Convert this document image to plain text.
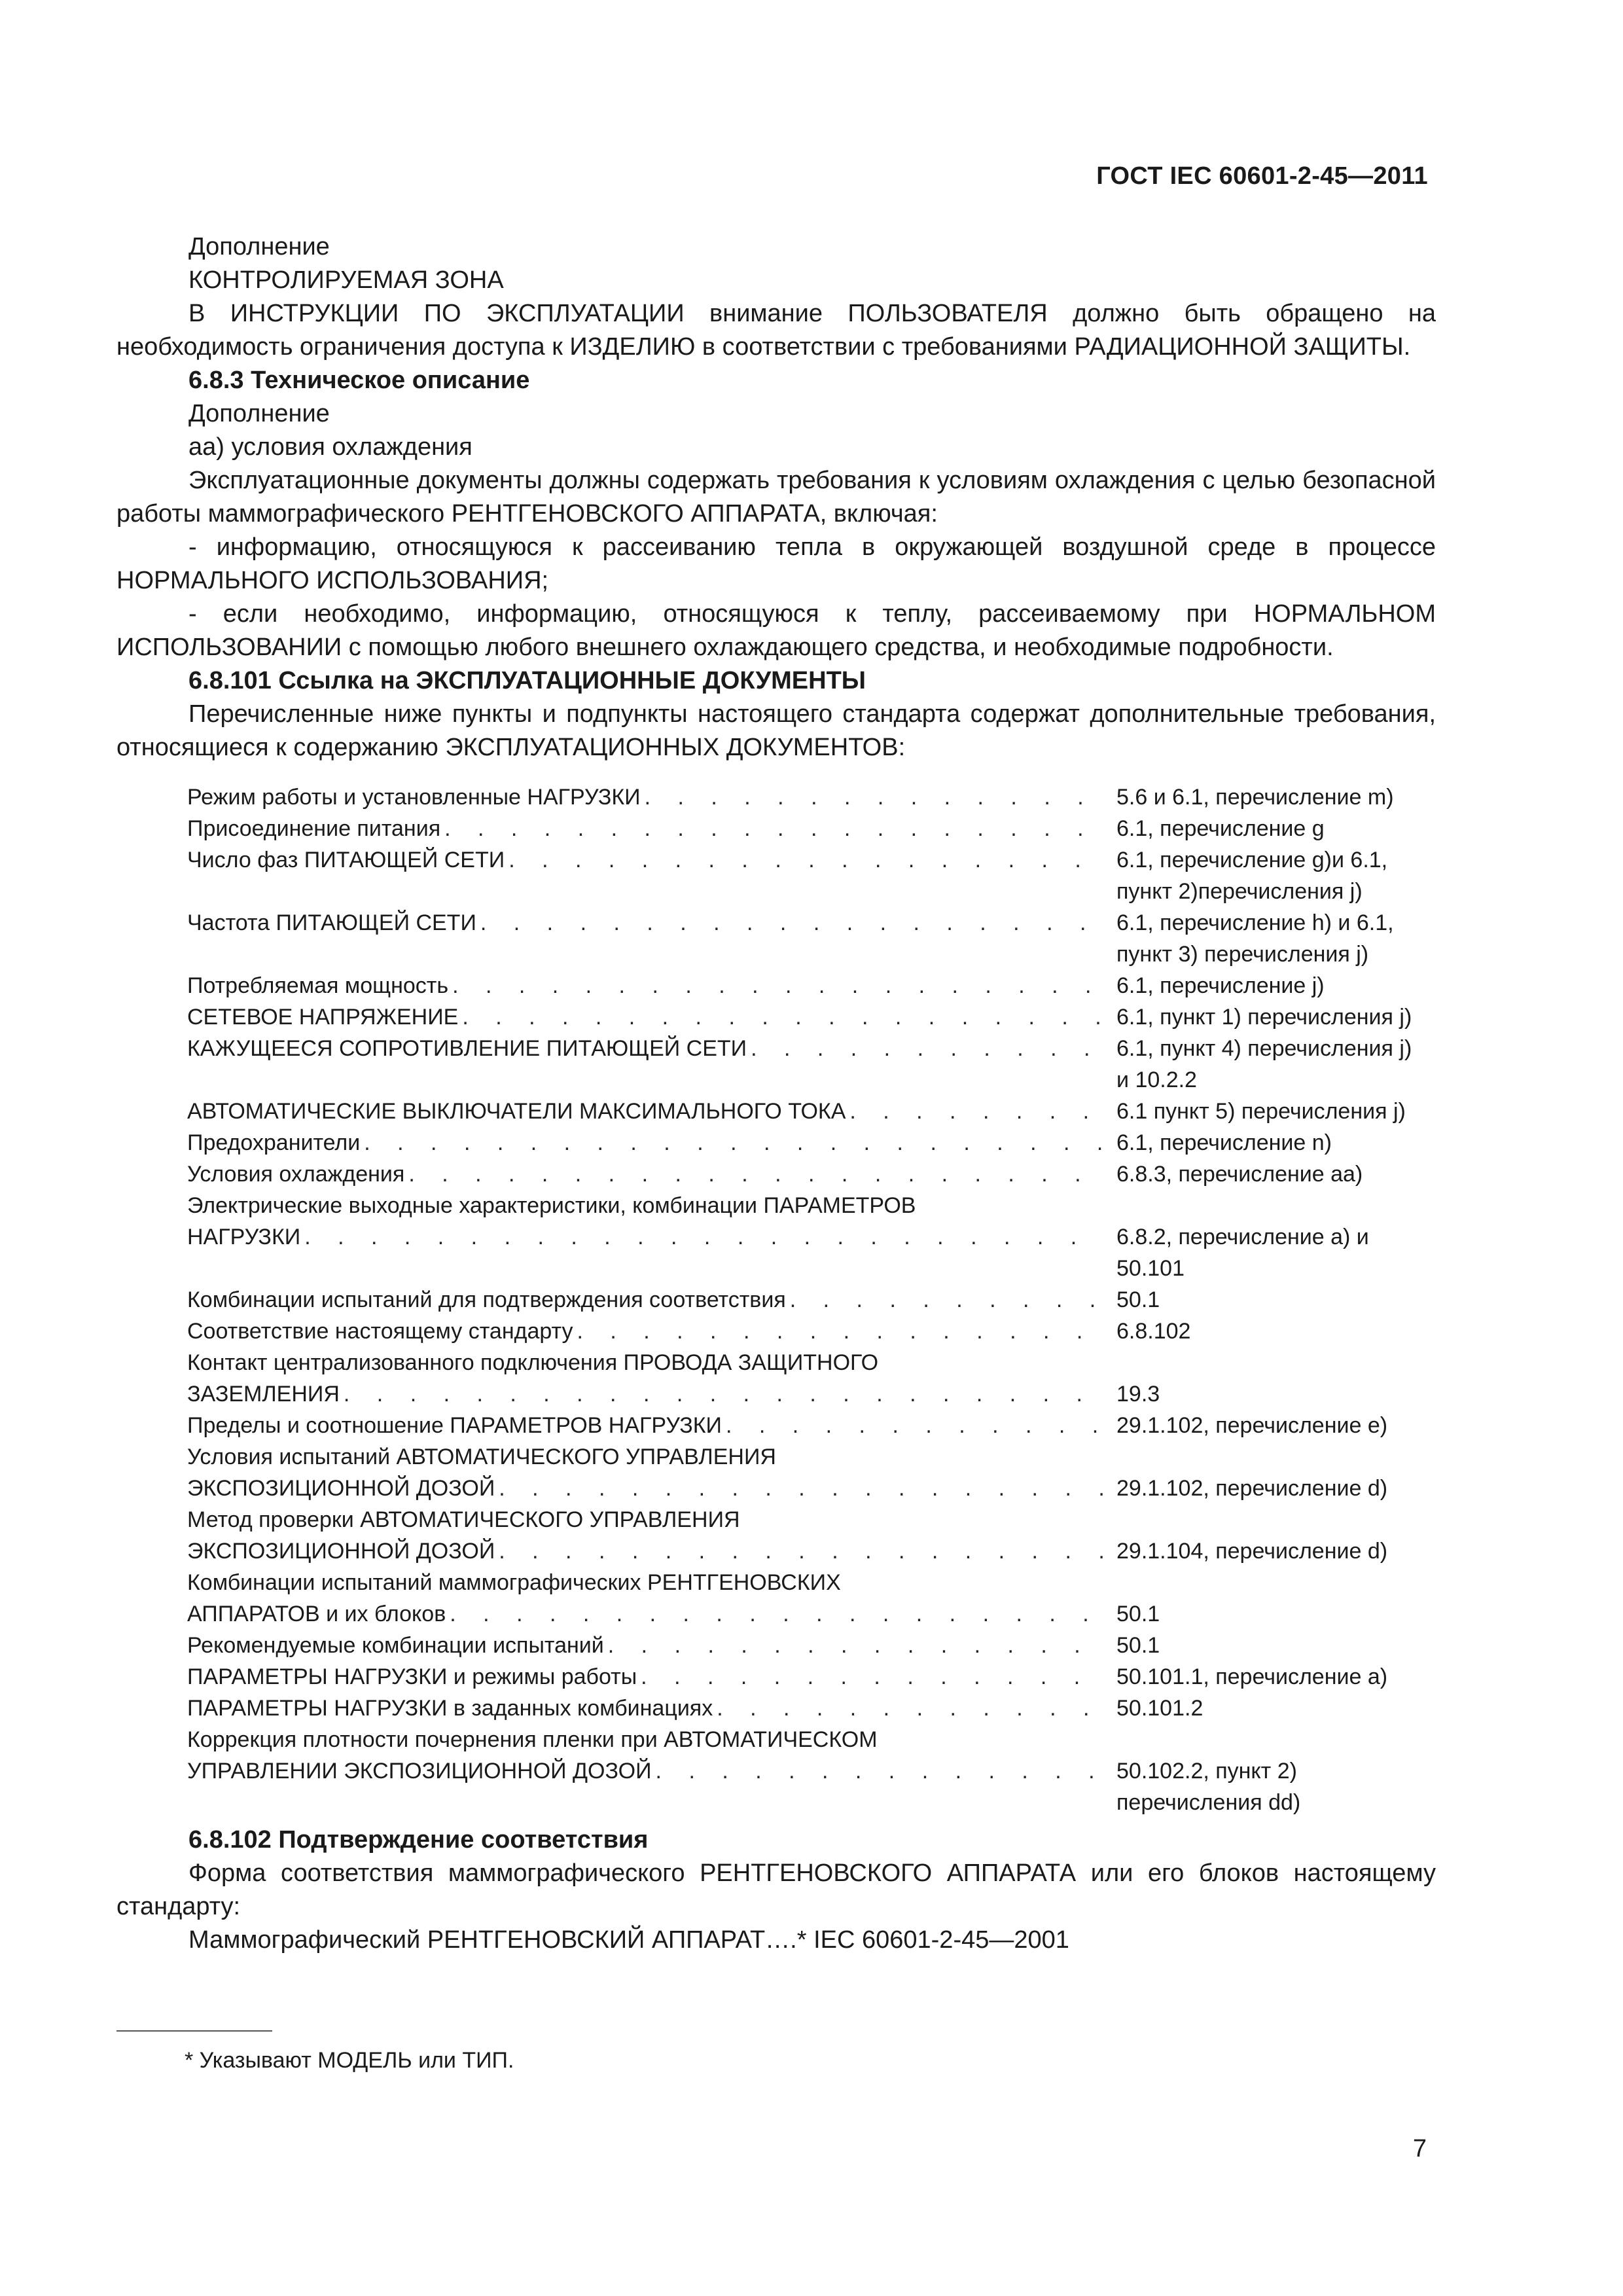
ГОСТ IEC 60601-2-45—2011

Дополнение

КОНТРОЛИРУЕМАЯ ЗОНА

В ИНСТРУКЦИИ ПО ЭКСПЛУАТАЦИИ внимание ПОЛЬЗОВАТЕЛЯ должно быть обращено на необходимость ограничения доступа к ИЗДЕЛИЮ в соответствии с требованиями РАДИАЦИОННОЙ ЗАЩИТЫ.

6.8.3 Техническое описание

Дополнение

аа) условия охлаждения

Эксплуатационные документы должны содержать требования к условиям охлаждения с целью безопасной работы маммографического РЕНТГЕНОВСКОГО АППАРАТА, включая:

- информацию, относящуюся к рассеиванию тепла в окружающей воздушной среде в процессе НОРМАЛЬНОГО ИСПОЛЬЗОВАНИЯ;

- если необходимо, информацию, относящуюся к теплу, рассеиваемому при НОРМАЛЬНОМ ИСПОЛЬЗОВАНИИ с помощью любого внешнего охлаждающего средства, и необходимые подробности.

6.8.101 Ссылка на ЭКСПЛУАТАЦИОННЫЕ ДОКУМЕНТЫ

Перечисленные ниже пункты и подпункты настоящего стандарта содержат дополнительные требования, относящиеся к содержанию ЭКСПЛУАТАЦИОННЫХ ДОКУМЕНТОВ:

Режим работы и установленные НАГРУЗКИ . . .	5.6 и 6.1, перечисление m)
Присоединение питания . . .	6.1, перечисление g
Число фаз ПИТАЮЩЕЙ СЕТИ . . .	6.1, перечисление g)и 6.1,
пункт 2)перечисления j)
Частота ПИТАЮЩЕЙ СЕТИ . . .	6.1, перечисление h) и 6.1,
пункт 3) перечисления j)
Потребляемая мощность . . .	6.1, перечисление j)
СЕТЕВОЕ НАПРЯЖЕНИЕ . . .	6.1, пункт 1) перечисления j)
КАЖУЩЕЕСЯ СОПРОТИВЛЕНИЕ ПИТАЮЩЕЙ СЕТИ . . .	6.1, пункт 4) перечисления j)
и 10.2.2
АВТОМАТИЧЕСКИЕ ВЫКЛЮЧАТЕЛИ МАКСИМАЛЬНОГО ТОКА . . .	6.1 пункт 5) перечисления j)
Предохранители . . .	6.1, перечисление n)
Условия охлаждения . . .	6.8.3, перечисление аа)
Электрические выходные характеристики, комбинации ПАРАМЕТРОВ
НАГРУЗКИ . . .	6.8.2, перечисление а) и
50.101
Комбинации испытаний для подтверждения соответствия . . .	50.1
Соответствие настоящему стандарту . . .	6.8.102
Контакт централизованного подключения ПРОВОДА ЗАЩИТНОГО
ЗАЗЕМЛЕНИЯ . . .	19.3
Пределы и соотношение ПАРАМЕТРОВ НАГРУЗКИ . . .	29.1.102, перечисление е)
Условия испытаний АВТОМАТИЧЕСКОГО УПРАВЛЕНИЯ
ЭКСПОЗИЦИОННОЙ ДОЗОЙ . . .	29.1.102, перечисление d)
Метод проверки АВТОМАТИЧЕСКОГО УПРАВЛЕНИЯ
ЭКСПОЗИЦИОННОЙ ДОЗОЙ . . .	29.1.104, перечисление d)
Комбинации испытаний маммографических РЕНТГЕНОВСКИХ
АППАРАТОВ и их блоков . . .	50.1
Рекомендуемые комбинации испытаний . . .	50.1
ПАРАМЕТРЫ НАГРУЗКИ и режимы работы . . .	50.101.1, перечисление а)
ПАРАМЕТРЫ НАГРУЗКИ в заданных комбинациях . . .	50.101.2
Коррекция плотности почернения пленки при АВТОМАТИЧЕСКОМ
УПРАВЛЕНИИ ЭКСПОЗИЦИОННОЙ ДОЗОЙ . . .	50.102.2, пункт 2)
перечисления dd)

6.8.102 Подтверждение соответствия

Форма соответствия маммографического РЕНТГЕНОВСКОГО АППАРАТА или его блоков настоящему стандарту:

Маммографический РЕНТГЕНОВСКИЙ АППАРАТ….* IEC 60601-2-45—2001

* Указывают МОДЕЛЬ или ТИП.
7
